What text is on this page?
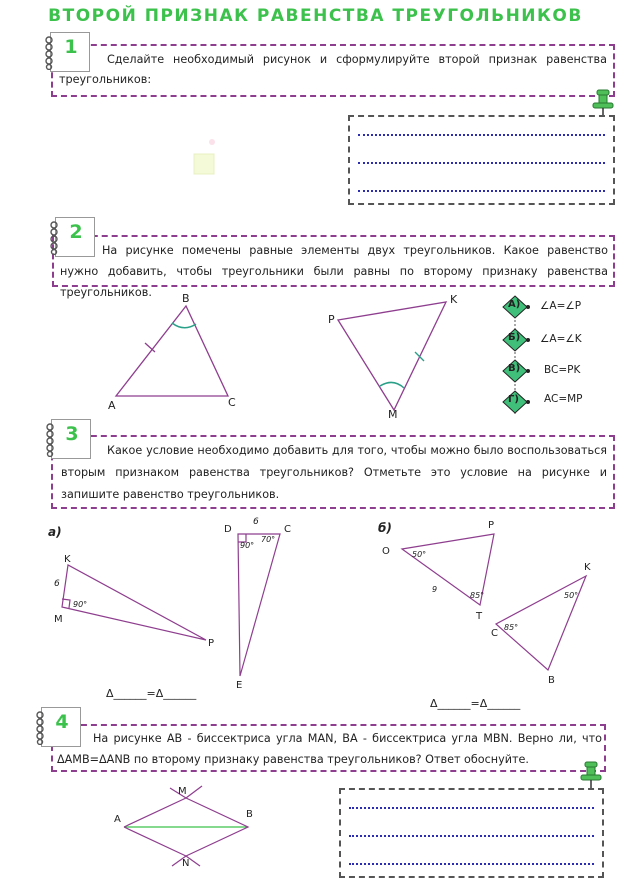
ВТОРОЙ ПРИЗНАК РАВЕНСТВА ТРЕУГОЛЬНИКОВ
Сделайте необходимый рисунок и сформулируйте второй признак равенства треугольников:
1
На рисунке помечены равные элементы двух треугольников. Какое равенство нужно добавить, чтобы треугольники были равны по второму признаку равенства треугольников.
2
A
B
C
P
K
M
А) ∠A=∠P
Б) ∠A=∠K
В) BC=PK
Г) AC=MP
Какое условие необходимо добавить для того, чтобы можно было воспользоваться вторым признаком равенства треугольников? Отметьте это условие на рисунке и запишите равенство треугольников.
3
а)	б)
K
6
M
90°
P
D
6
C
90°
70°
E
O
P
50°
9
85°
T
K
50°
C
85°
B
Δ______=Δ______
Δ______=Δ______
На рисунке AB - биссектриса угла MAN, BA - биссектриса угла MBN. Верно ли, что ΔAMB=ΔANB по второму признаку равенства треугольников? Ответ обоснуйте.
4
A
M
B
N
